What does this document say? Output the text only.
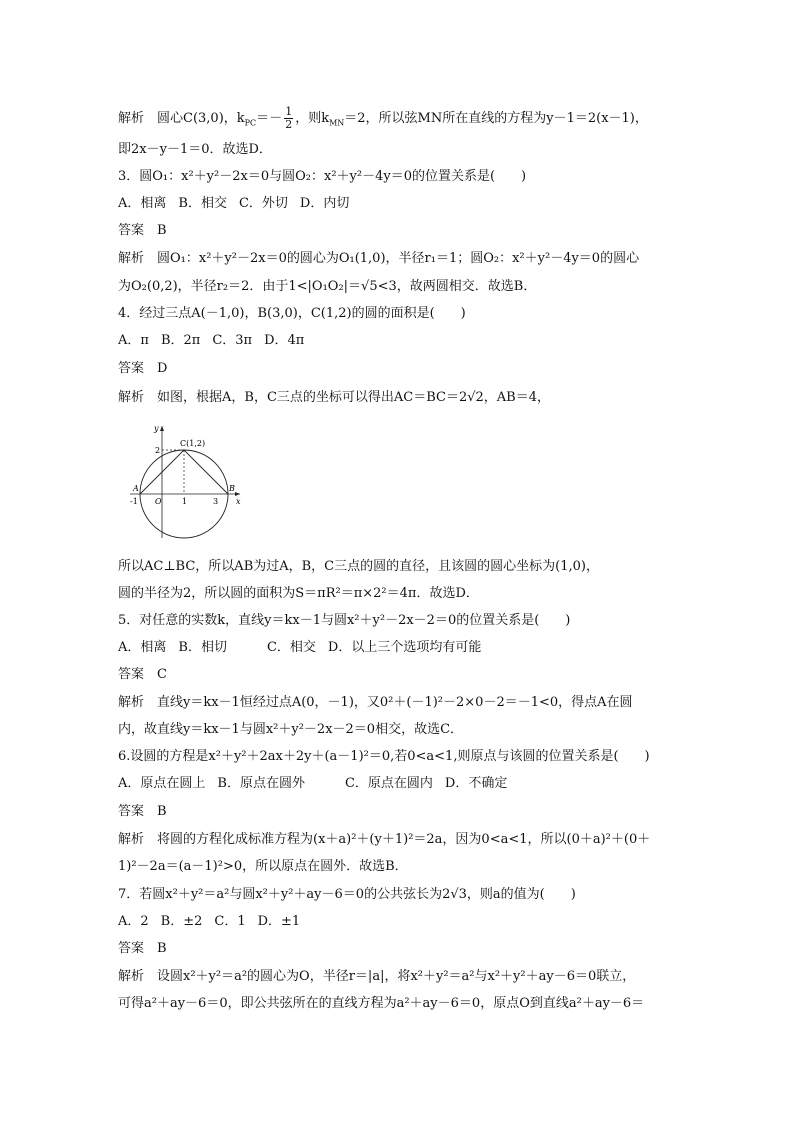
解析　圆心C(3,0)，$k_{PC}=- \frac{1}{2}$ ，则$k_{MN}=2$，所以弦MN所在直线的方程为y－1＝2(x－1)，
即2x－y－1＝0．故选D．
3．圆O₁：x²＋y²－2x＝0与圆O₂：x²＋y²－4y＝0的位置关系是(　　)
A．相离 B．相交 C．外切 D．内切
答案　B
解析　圆O₁：x²＋y²－2x＝0的圆心为O₁(1,0)，半径r₁＝1；圆O₂：x²＋y²－4y＝0的圆心
为O₂(0,2)，半径r₂＝2．由于1<|O₁O₂|＝√5<3，故两圆相交．故选B．
4．经过三点A(－1,0)，B(3,0)，C(1,2)的圆的面积是(　　)
A．π B．2π C．3π D．4π
答案　D
解析　如图，根据A，B，C三点的坐标可以得出AC＝BC＝2√2，AB＝4，
y
x
C(1,2)
2
A
-1 O	1	3
B
所以AC⊥BC，所以AB为过A，B，C三点的圆的直径，且该圆的圆心坐标为(1,0)，
圆的半径为2，所以圆的面积为S＝πR²＝π×2²＝4π．故选D．
5．对任意的实数k，直线y＝kx－1与圆x²＋y²－2x－2＝0的位置关系是(　　)
A．相离 B．相切	C．相交 D．以上三个选项均有可能
答案　C
解析　直线y＝kx－1恒经过点A(0，－1)，又0²＋(－1)²－2×0－2＝－1<0，得点A在圆
内，故直线y＝kx－1与圆x²＋y²－2x－2＝0相交，故选C．
6.设圆的方程是x²＋y²＋2ax＋2y＋(a－1)²＝0,若0<a<1,则原点与该圆的位置关系是(　　)
A．原点在圆上 B．原点在圆外	C．原点在圆内 D．不确定
答案　B
解析　将圆的方程化成标准方程为(x＋a)²＋(y＋1)²＝2a，因为0<a<1，所以(0＋a)²＋(0＋
1)²－2a＝(a－1)²>0，所以原点在圆外．故选B．
7．若圆x²＋y²＝a²与圆x²＋y²＋ay－6＝0的公共弦长为2√3，则a的值为(　　)
A．2 B．±2 C．1 D．±1
答案　B
解析　设圆x²＋y²＝a²的圆心为O，半径r＝|a|，将x²＋y²＝a²与x²＋y²＋ay－6＝0联立，
可得a²＋ay－6＝0，即公共弦所在的直线方程为a²＋ay－6＝0，原点O到直线a²＋ay－6＝
